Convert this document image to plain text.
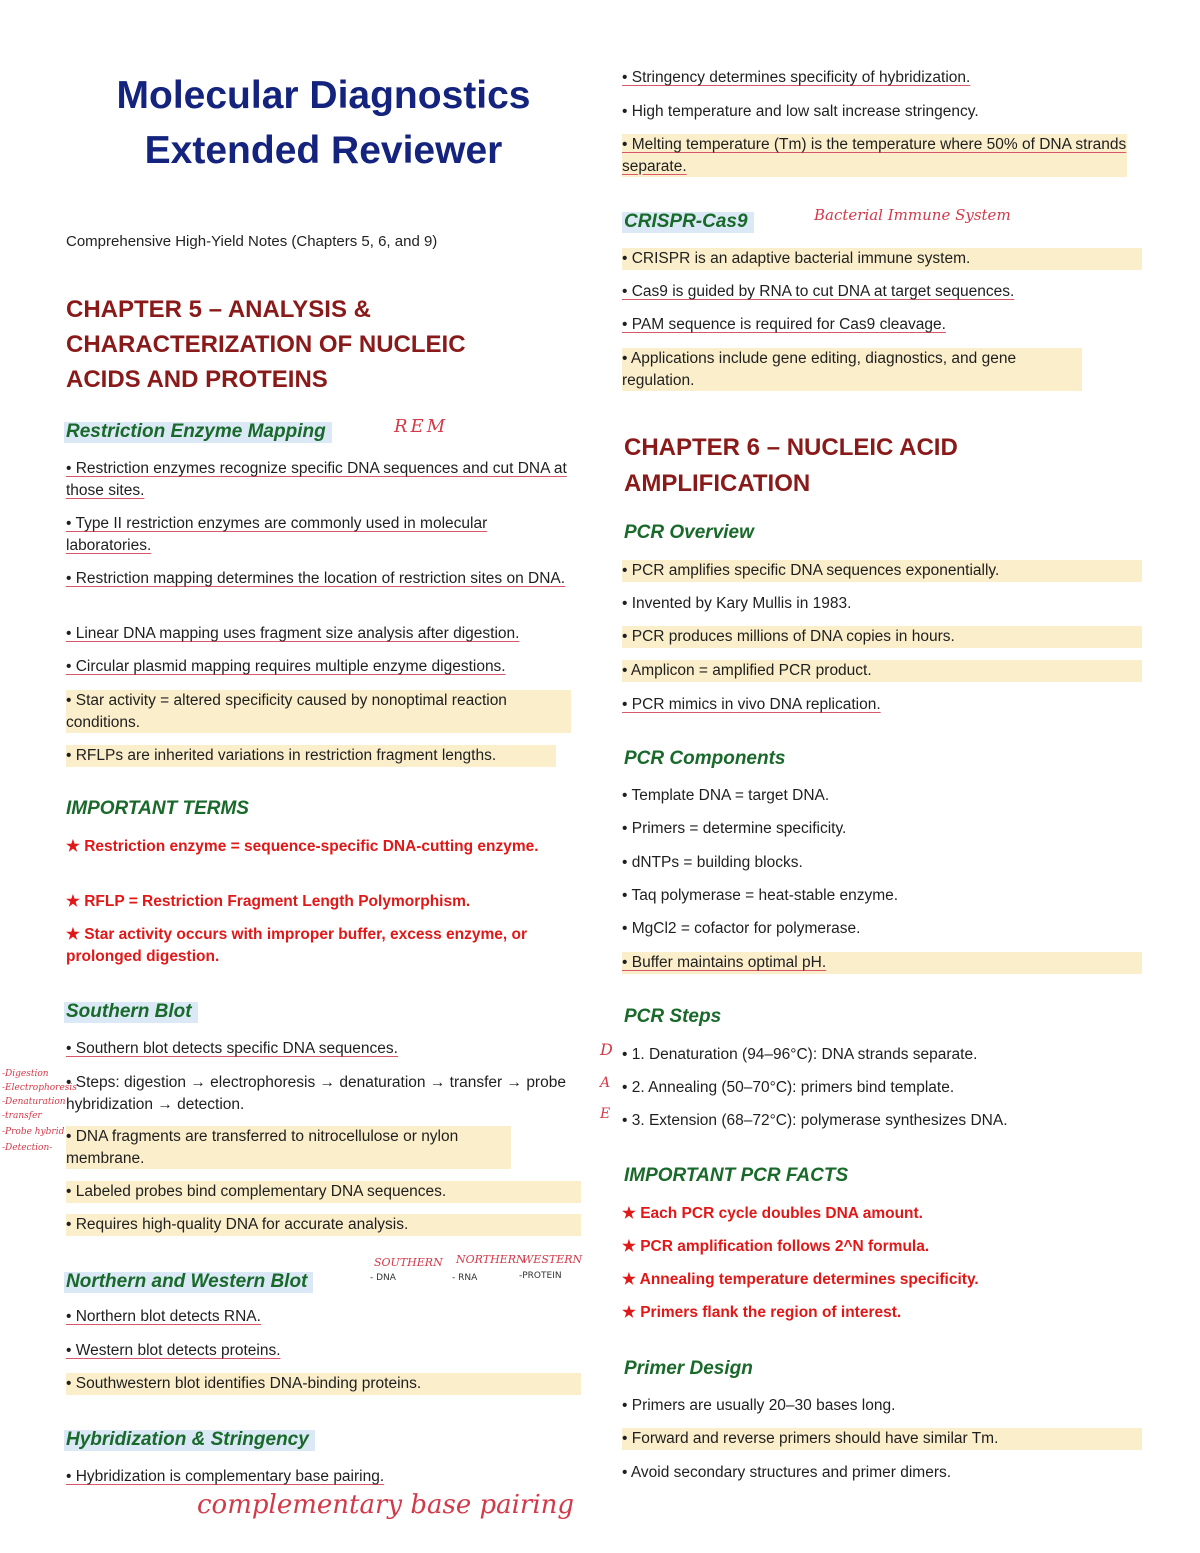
Molecular Diagnostics
Extended Reviewer

Comprehensive High-Yield Notes (Chapters 5, 6, and 9)

CHAPTER 5 – ANALYSIS &
CHARACTERIZATION OF NUCLEIC
ACIDS AND PROTEINS
Restriction Enzyme Mapping	REM

• Restriction enzymes recognize specific DNA sequences and cut DNA at those sites.

• Type II restriction enzymes are commonly used in molecular laboratories.

• Restriction mapping determines the location of restriction sites on DNA.

• Linear DNA mapping uses fragment size analysis after digestion.

• Circular plasmid mapping requires multiple enzyme digestions.

• Star activity = altered specificity caused by nonoptimal reaction conditions.

• RFLPs are inherited variations in restriction fragment lengths.

IMPORTANT TERMS

★ Restriction enzyme = sequence-specific DNA-cutting enzyme.

★ RFLP = Restriction Fragment Length Polymorphism.

★ Star activity occurs with improper buffer, excess enzyme, or prolonged digestion.

Southern Blot

-Digestion

-Electrophoresis

-Denaturation

-transfer

-Probe hybrid

-Detection-

• Southern blot detects specific DNA sequences.

• Steps: digestion → electrophoresis → denaturation → transfer → probe hybridization → detection.

• DNA fragments are transferred to nitrocellulose or nylon membrane.

• Labeled probes bind complementary DNA sequences.

• Requires high-quality DNA for accurate analysis.

Northern and Western Blot

SOUTHERN

- DNA

NORTHERN

- RNA

WESTERN

-PROTEIN

• Northern blot detects RNA.

• Western blot detects proteins.

• Southwestern blot identifies DNA-binding proteins.

Hybridization & Stringency

• Hybridization is complementary base pairing.

complementary base pairing

• Stringency determines specificity of hybridization.

• High temperature and low salt increase stringency.

• Melting temperature (Tm) is the temperature where 50% of DNA strands separate.

CRISPR-Cas9	Bacterial Immune System

• CRISPR is an adaptive bacterial immune system.

• Cas9 is guided by RNA to cut DNA at target sequences.

• PAM sequence is required for Cas9 cleavage.

• Applications include gene editing, diagnostics, and gene regulation.

CHAPTER 6 – NUCLEIC ACID
AMPLIFICATION
PCR Overview

• PCR amplifies specific DNA sequences exponentially.

• Invented by Kary Mullis in 1983.

• PCR produces millions of DNA copies in hours.

• Amplicon = amplified PCR product.

• PCR mimics in vivo DNA replication.

PCR Components

• Template DNA = target DNA.

• Primers = determine specificity.

• dNTPs = building blocks.

• Taq polymerase = heat-stable enzyme.

• MgCl2 = cofactor for polymerase.

• Buffer maintains optimal pH.

PCR Steps

D

A

E

• 1. Denaturation (94–96°C): DNA strands separate.

• 2. Annealing (50–70°C): primers bind template.

• 3. Extension (68–72°C): polymerase synthesizes DNA.

IMPORTANT PCR FACTS

★ Each PCR cycle doubles DNA amount.

★ PCR amplification follows 2^N formula.

★ Annealing temperature determines specificity.

★ Primers flank the region of interest.

Primer Design

• Primers are usually 20–30 bases long.

• Forward and reverse primers should have similar Tm.

• Avoid secondary structures and primer dimers.
